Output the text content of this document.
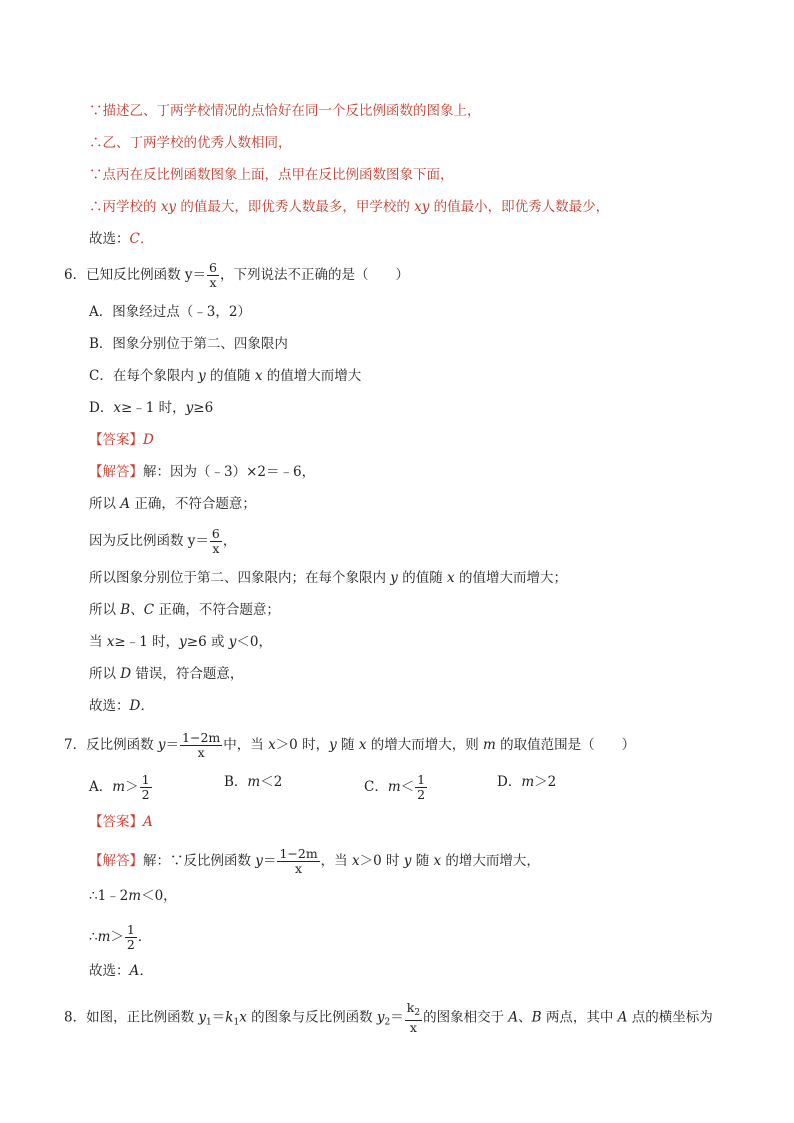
∵描述乙、丁两学校情况的点恰好在同一个反比例函数的图象上，
∴乙、丁两学校的优秀人数相同，
∵点丙在反比例函数图象上面，点甲在反比例函数图象下面，
∴丙学校的 xy 的值最大，即优秀人数最多，甲学校的 xy 的值最小，即优秀人数最少，
故选：C．
6．已知反比例函数 $y= \frac{6}{x}$ ，下列说法不正确的是（　　）
A．图象经过点（﹣3，2）
B．图象分别位于第二、四象限内
C．在每个象限内 y 的值随 x 的值增大而增大
D．x≥﹣1 时，y≥6
【答案】D
【解答】解：因为（﹣3）×2＝﹣6，
所以 A 正确，不符合题意；
因为反比例函数 $y= \frac{6}{x}$ ，
所以图象分别位于第二、四象限内；在每个象限内 y 的值随 x 的值增大而增大；
所以 B、C 正确，不符合题意；
当 x≥﹣1 时，y≥6 或 y＜0，
所以 D 错误，符合题意，
故选：D．
7．反比例函数 $y= \frac{1-2m}{x}$ 中，当 x＞0 时，y 随 x 的增大而增大，则 m 的取值范围是（　　）
A．$m> \frac{1}{2}$	B．m＜2	C．$m< \frac{1}{2}$	D．m＞2
【答案】A
【解答】解：∵反比例函数 $y= \frac{1-2m}{x}$ ，当 x＞0 时 y 随 x 的增大而增大，
∴1﹣2m＜0，
∴m＞ $\frac{1}{2}$ ．
故选：A．
8．如图，正比例函数 $y_1=k_1x$ 的图象与反比例函数 $y_2= \frac{k_2}{x}$ 的图象相交于 A、B 两点，其中 A 点的横坐标为
